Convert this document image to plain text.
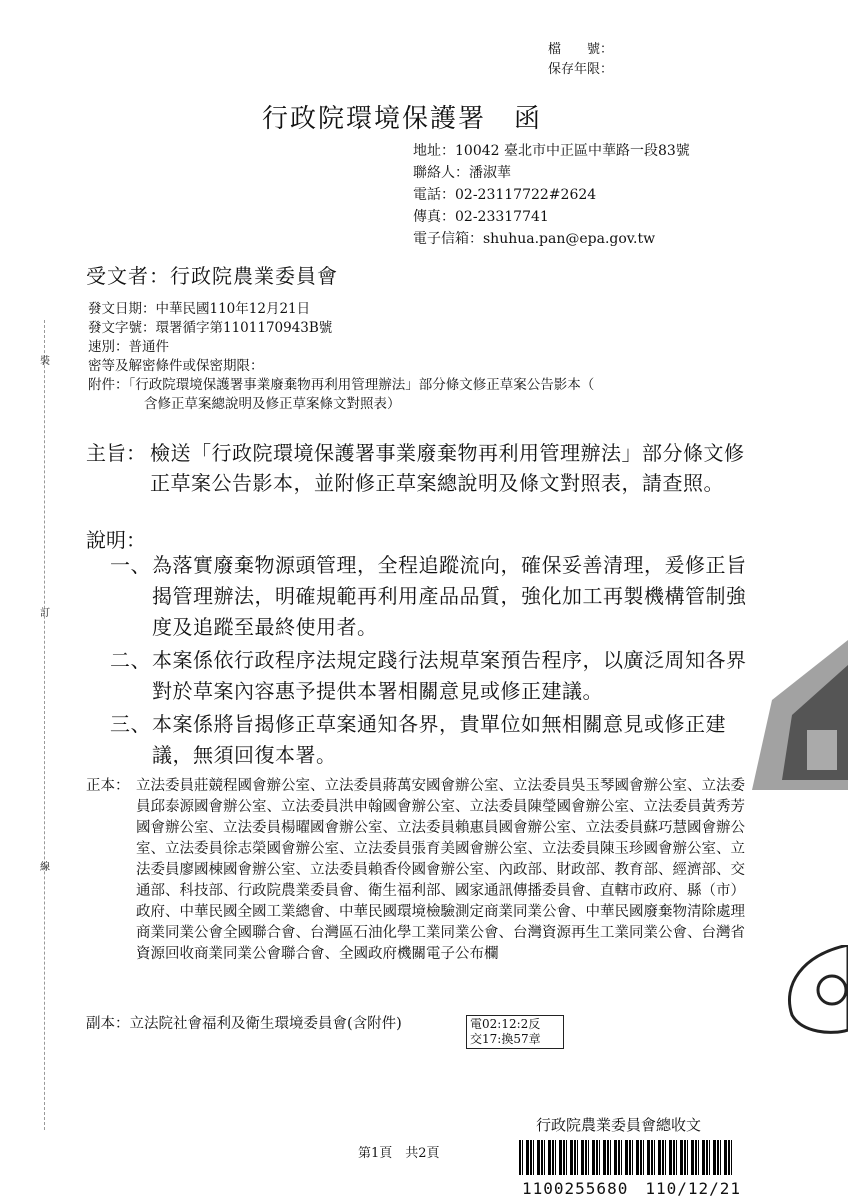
檔　　號：
保存年限：
行政院環境保護署　函
地址：10042 臺北市中正區中華路一段83號
聯絡人：潘淑華
電話：02-23117722#2624
傳真：02-23317741
電子信箱：shuhua.pan@epa.gov.tw
受文者：行政院農業委員會
發文日期：中華民國110年12月21日
發文字號：環署循字第1101170943B號
速別：普通件
密等及解密條件或保密期限：
附件：「行政院環境保護署事業廢棄物再利用管理辦法」部分條文修正草案公告影本（
含修正草案總說明及修正草案條文對照表）
主旨： 檢送「行政院環境保護署事業廢棄物再利用管理辦法」部分條文修正草案公告影本，並附修正草案總說明及條文對照表，請查照。
說明：
一、 為落實廢棄物源頭管理，全程追蹤流向，確保妥善清理，爰修正旨揭管理辦法，明確規範再利用產品品質，強化加工再製機構管制強度及追蹤至最終使用者。
二、 本案係依行政程序法規定踐行法規草案預告程序，以廣泛周知各界對於草案內容惠予提供本署相關意見或修正建議。
三、 本案係將旨揭修正草案通知各界，貴單位如無相關意見或修正建議，無須回復本署。
正本： 立法委員莊競程國會辦公室、立法委員蔣萬安國會辦公室、立法委員吳玉琴國會辦公室、立法委員邱泰源國會辦公室、立法委員洪申翰國會辦公室、立法委員陳瑩國會辦公室、立法委員黃秀芳國會辦公室、立法委員楊曜國會辦公室、立法委員賴惠員國會辦公室、立法委員蘇巧慧國會辦公室、立法委員徐志榮國會辦公室、立法委員張育美國會辦公室、立法委員陳玉珍國會辦公室、立法委員廖國棟國會辦公室、立法委員賴香伶國會辦公室、內政部、財政部、教育部、經濟部、交通部、科技部、行政院農業委員會、衛生福利部、國家通訊傳播委員會、直轄市政府、縣（市）政府、中華民國全國工業總會、中華民國環境檢驗測定商業同業公會、中華民國廢棄物清除處理商業同業公會全國聯合會、台灣區石油化學工業同業公會、台灣資源再生工業同業公會、台灣省資源回收商業同業公會聯合會、全國政府機關電子公布欄
副本：立法院社會福利及衛生環境委員會(含附件)	電02:12:2反
交17:換57章
第1頁　共2頁
行政院農業委員會總收文
1100255680　110/12/21
裝
訂
線
